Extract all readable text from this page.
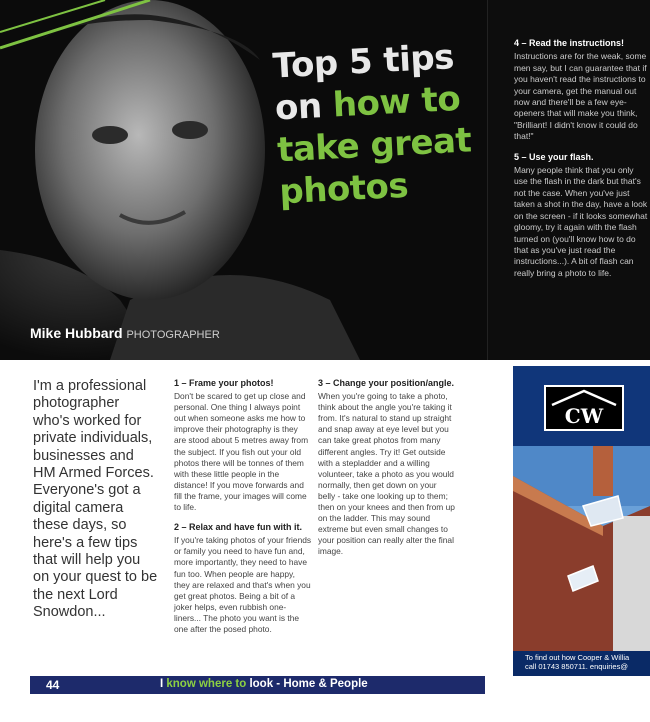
Top 5 tips
on how to
take great
photos
Mike Hubbard PHOTOGRAPHER
4 – Read the instructions!

Instructions are for the weak, some men say, but I can guarantee that if you haven't read the instructions to your camera, get the manual out now and there'll be a few eye-openers that will make you think, "Brilliant! I didn't know it could do that!"

5 – Use your flash.

Many people think that you only use the flash in the dark but that's not the case. When you've just taken a shot in the day, have a look on the screen - if it looks somewhat gloomy, try it again with the flash turned on (you'll know how to do that as you've just read the instructions...). A bit of flash can really bring a photo to life.

I'm a professional photographer who's worked for private individuals, businesses and HM Armed Forces. Everyone's got a digital camera these days, so here's a few tips that will help you on your quest to be the next Lord Snowdon...
1 – Frame your photos!

Don't be scared to get up close and personal. One thing I always point out when someone asks me how to improve their photography is they are stood about 5 metres away from the subject. If you fish out your old photos there will be tonnes of them with these little people in the distance! If you move forwards and fill the frame, your images will come to life.

2 – Relax and have fun with it.

If you're taking photos of your friends or family you need to have fun and, more importantly, they need to have fun too. When people are happy, they are relaxed and that's when you get great photos. Being a bit of a joker helps, even rubbish one-liners... The photo you want is the one after the posed photo.

3 – Change your position/angle.

When you're going to take a photo, think about the angle you're taking it from. It's natural to stand up straight and snap away at eye level but you can take great photos from many different angles. Try it! Get outside with a stepladder and a willing volunteer, take a photo as you would normally, then get down on your belly - take one looking up to them; then on your knees and then from up on the ladder. This may sound extreme but even small changes to your position can really alter the final image.

CW
To find out how Cooper & Willia
call 01743 850711. enquiries@
44	I know where to look - Home & People
